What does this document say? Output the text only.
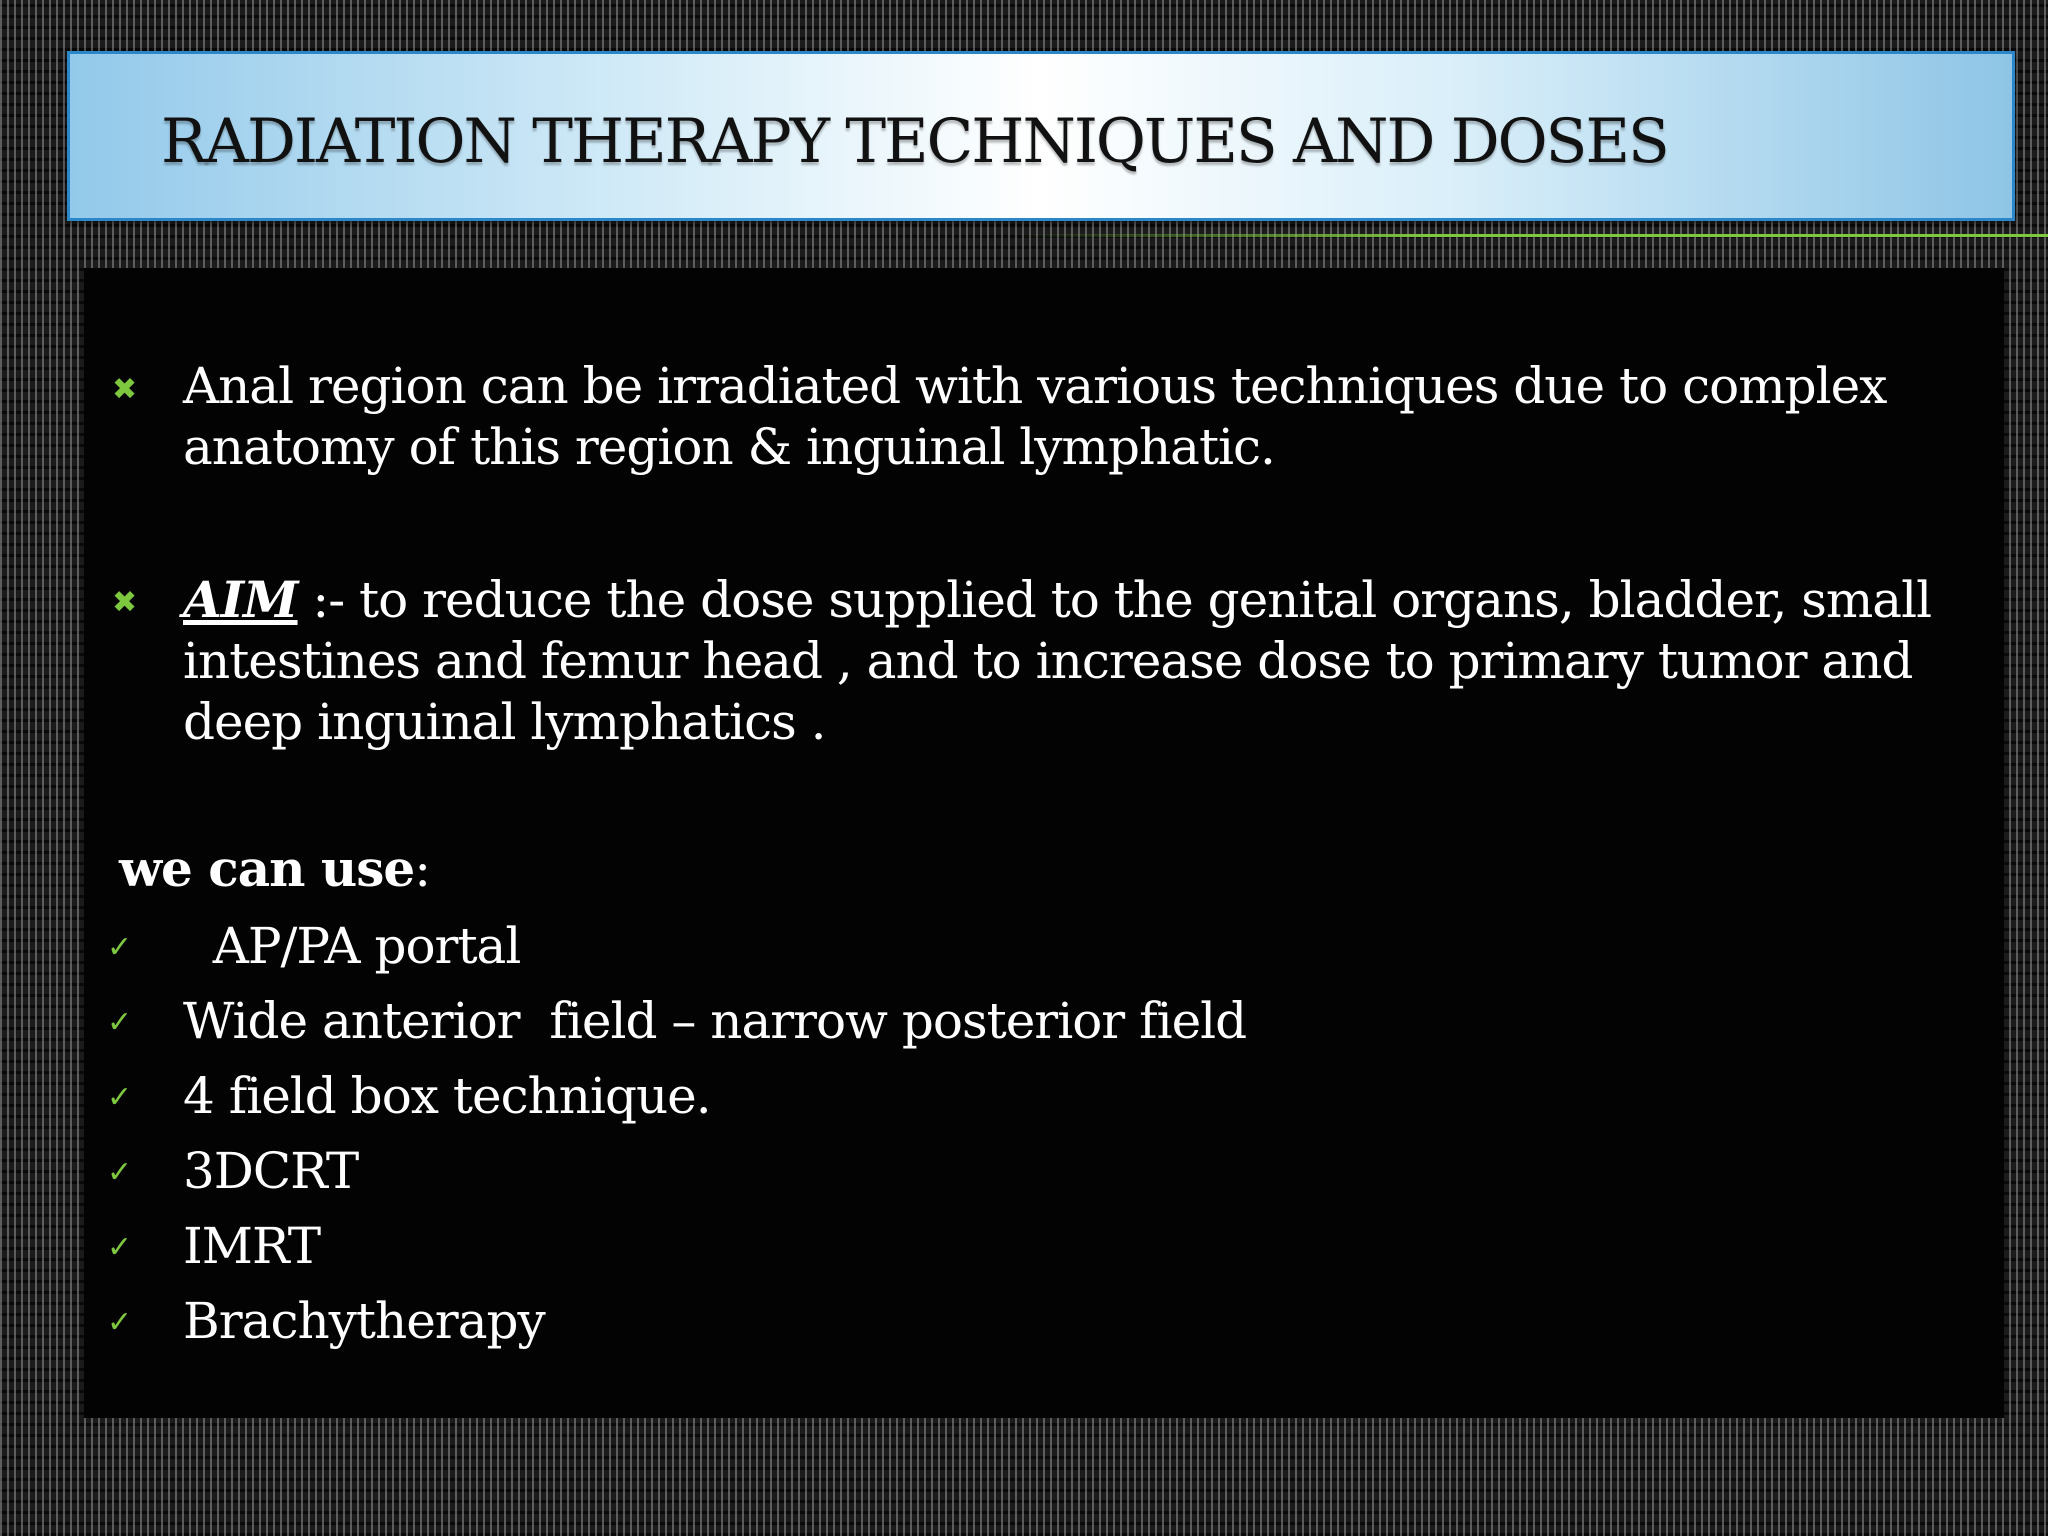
RADIATION THERAPY TECHNIQUES AND DOSES
✖ Anal region can be irradiated with various techniques due to complex
anatomy of this region & inguinal lymphatic.

✖ AIM :- to reduce the dose supplied to the genital organs, bladder, small
intestines and femur head , and to increase dose to primary tumor and
deep inguinal lymphatics .

we can use:

✓ AP/PA portal
✓ Wide anterior  field – narrow posterior field
✓ 4 field box technique.
✓ 3DCRT
✓ IMRT
✓ Brachytherapy
